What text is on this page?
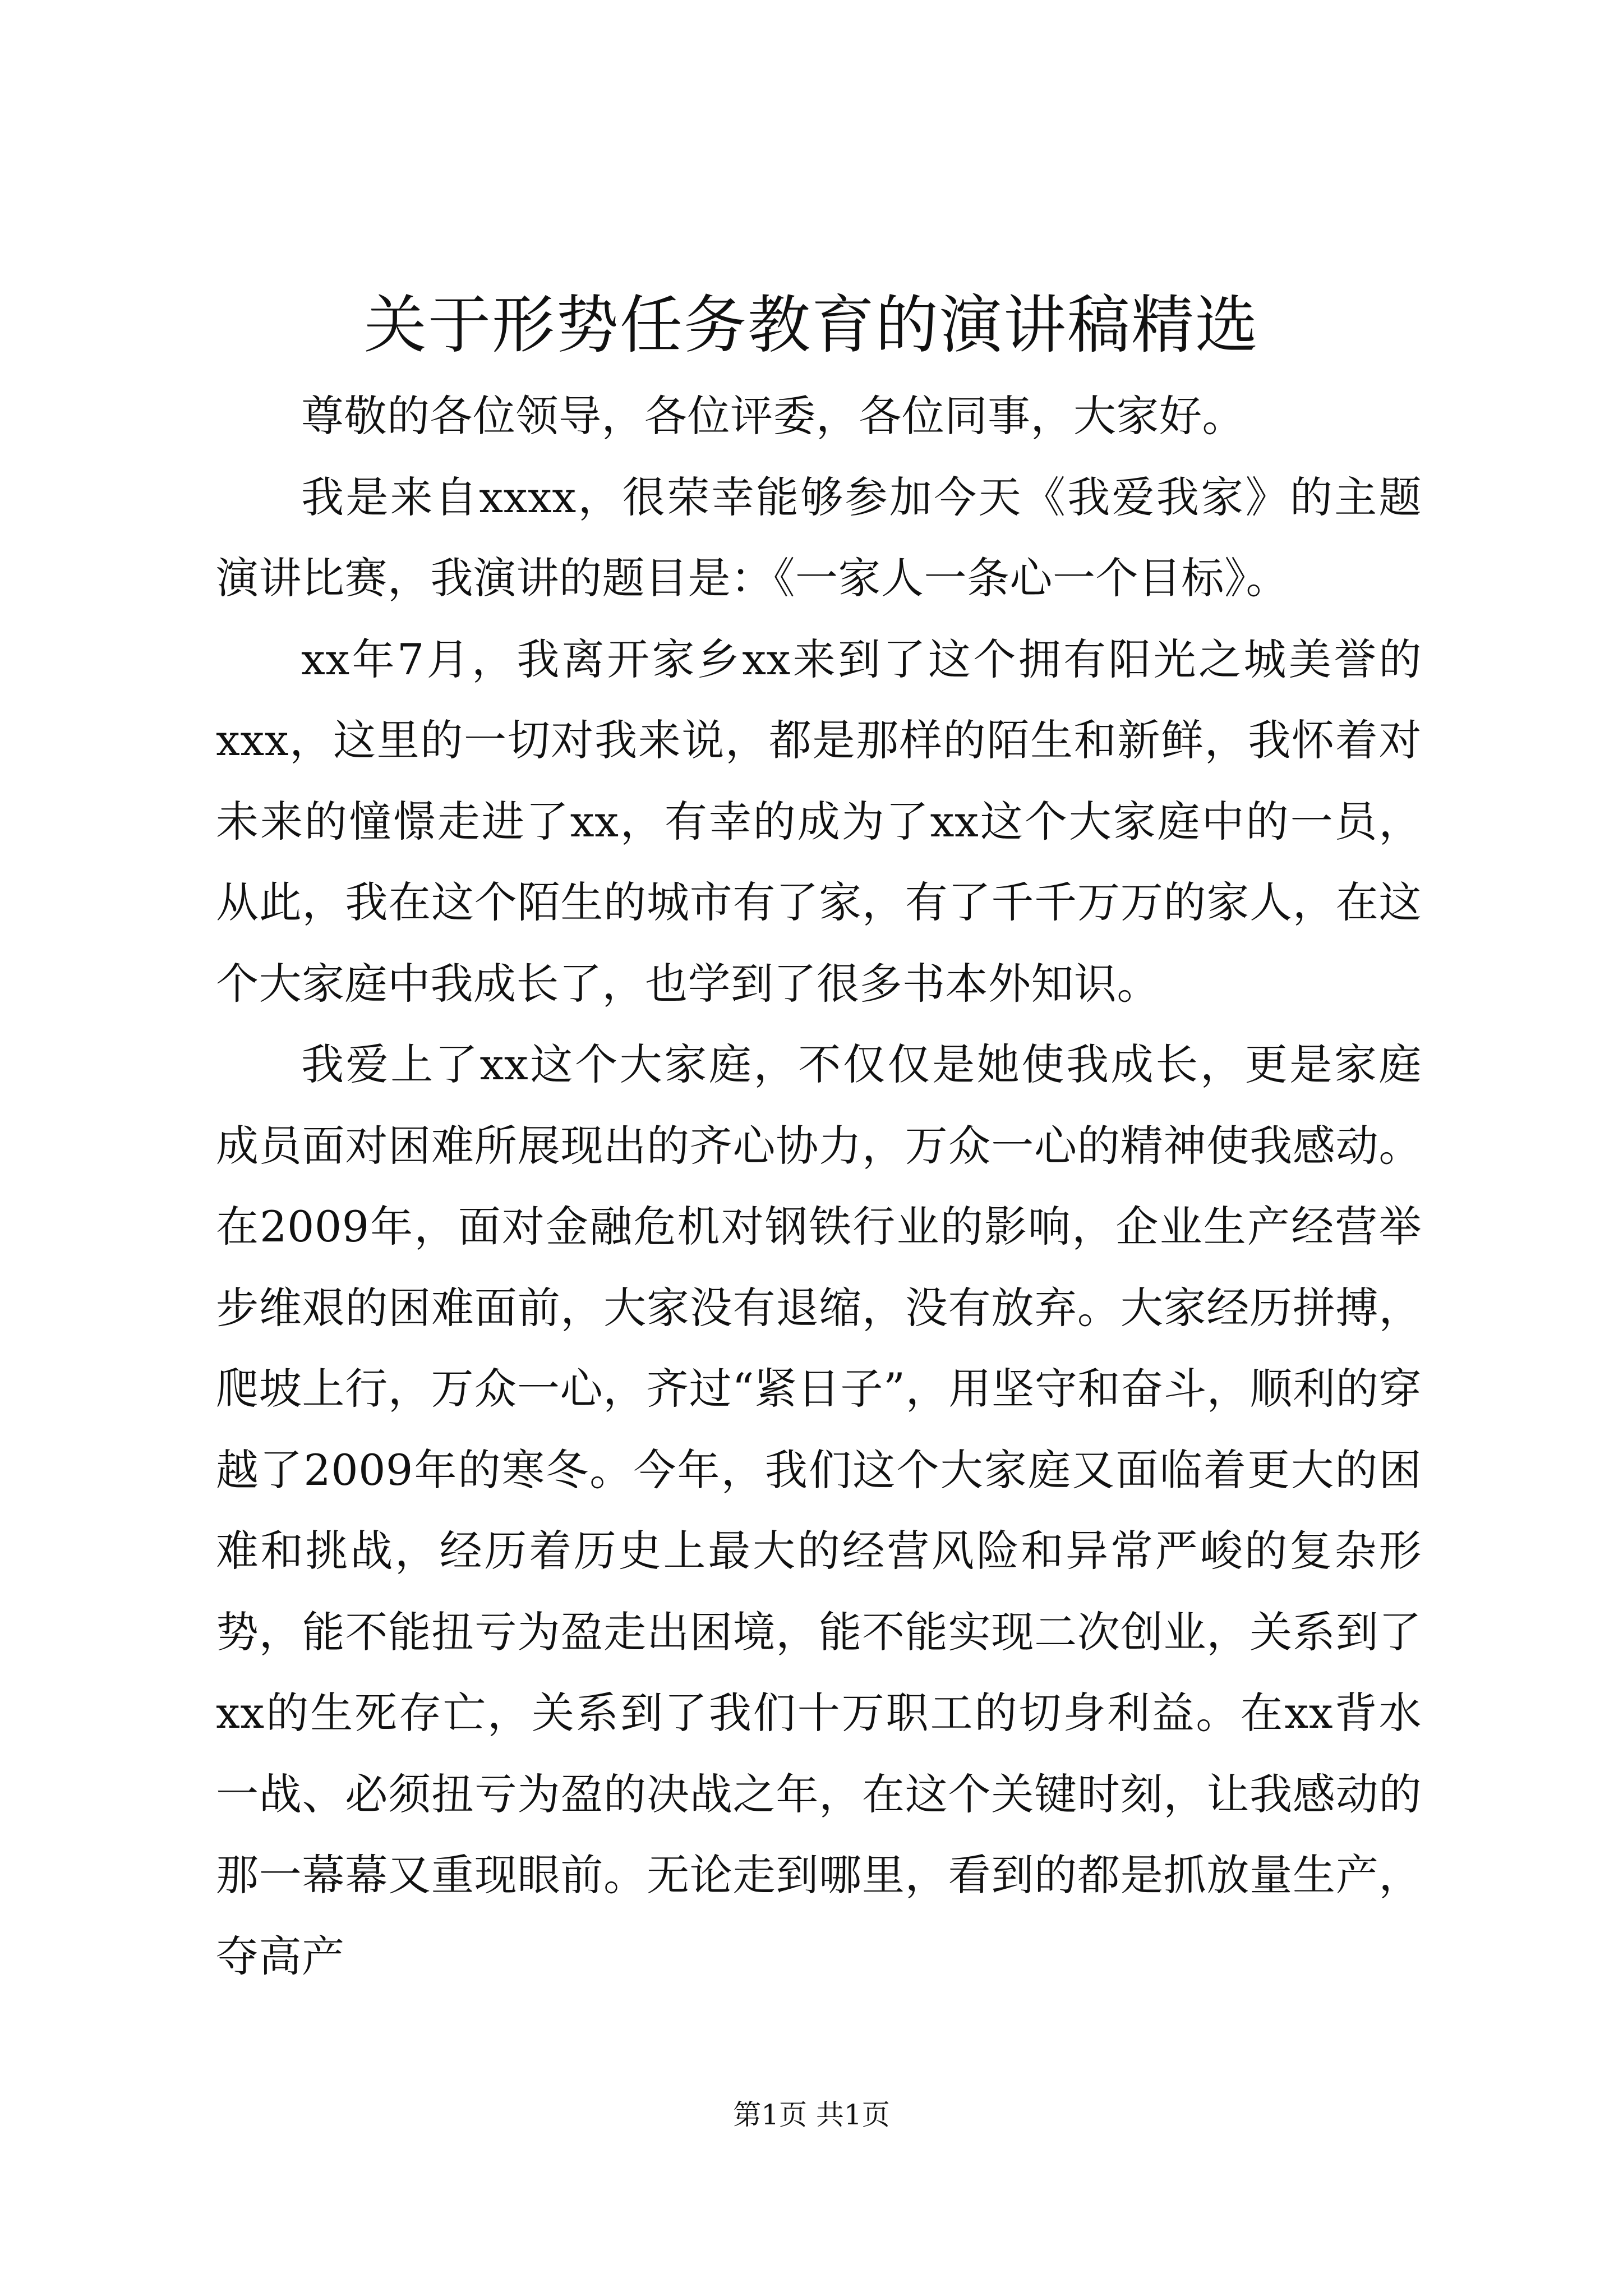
关于形势任务教育的演讲稿精选

尊敬的各位领导，各位评委，各位同事，大家好。

我是来自xxxx，很荣幸能够参加今天《我爱我家》的主题演讲比赛，我演讲的题目是：《一家人一条心一个目标》。

xx年7月，我离开家乡xx来到了这个拥有阳光之城美誉的xxx，这里的一切对我来说，都是那样的陌生和新鲜，我怀着对未来的憧憬走进了xx，有幸的成为了xx这个大家庭中的一员，从此，我在这个陌生的城市有了家，有了千千万万的家人，在这个大家庭中我成长了，也学到了很多书本外知识。

我爱上了xx这个大家庭，不仅仅是她使我成长，更是家庭成员面对困难所展现出的齐心协力，万众一心的精神使我感动。在2009年，面对金融危机对钢铁行业的影响，企业生产经营举步维艰的困难面前，大家没有退缩，没有放弃。大家经历拼搏，爬坡上行，万众一心，齐过“紧日子”，用坚守和奋斗，顺利的穿越了2009年的寒冬。今年，我们这个大家庭又面临着更大的困难和挑战，经历着历史上最大的经营风险和异常严峻的复杂形势，能不能扭亏为盈走出困境，能不能实现二次创业，关系到了xx的生死存亡，关系到了我们十万职工的切身利益。在xx背水一战、必须扭亏为盈的决战之年，在这个关键时刻，让我感动的那一幕幕又重现眼前。无论走到哪里，看到的都是抓放量生产，夺高产

第1页 共1页
